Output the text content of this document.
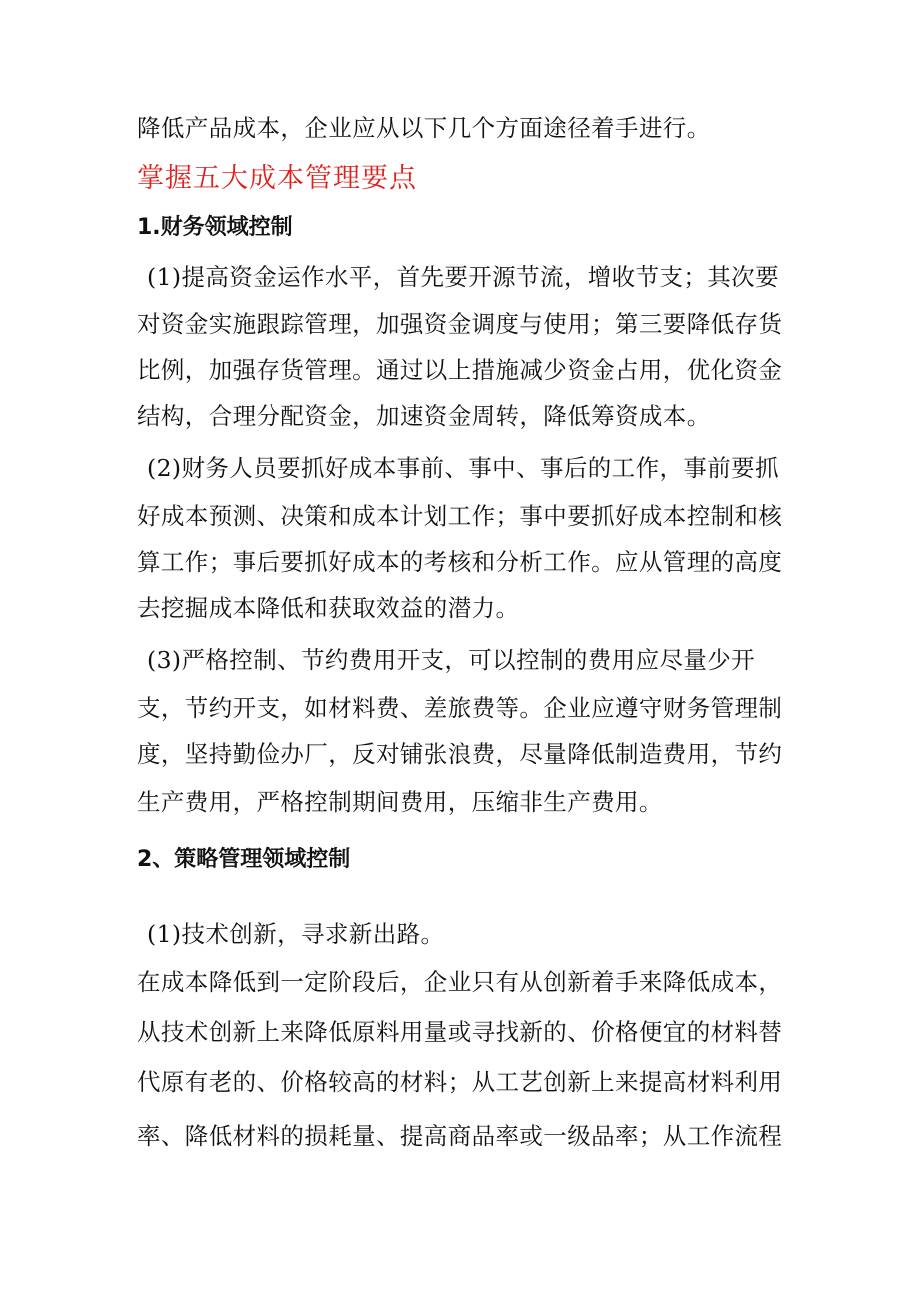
降低产品成本，企业应从以下几个方面途径着手进行。
掌握五大成本管理要点
1.财务领域控制
(1)提高资金运作水平，首先要开源节流，增收节支；其次要
对资金实施跟踪管理，加强资金调度与使用；第三要降低存货
比例，加强存货管理。通过以上措施减少资金占用，优化资金
结构，合理分配资金，加速资金周转，降低筹资成本。
(2)财务人员要抓好成本事前、事中、事后的工作，事前要抓
好成本预测、决策和成本计划工作；事中要抓好成本控制和核
算工作；事后要抓好成本的考核和分析工作。应从管理的高度
去挖掘成本降低和获取效益的潜力。
(3)严格控制、节约费用开支，可以控制的费用应尽量少开
支，节约开支，如材料费、差旅费等。企业应遵守财务管理制
度，坚持勤俭办厂，反对铺张浪费，尽量降低制造费用，节约
生产费用，严格控制期间费用，压缩非生产费用。
2、策略管理领域控制
(1)技术创新，寻求新出路。
在成本降低到一定阶段后，企业只有从创新着手来降低成本，
从技术创新上来降低原料用量或寻找新的、价格便宜的材料替
代原有老的、价格较高的材料；从工艺创新上来提高材料利用
率、降低材料的损耗量、提高商品率或一级品率；从工作流程
